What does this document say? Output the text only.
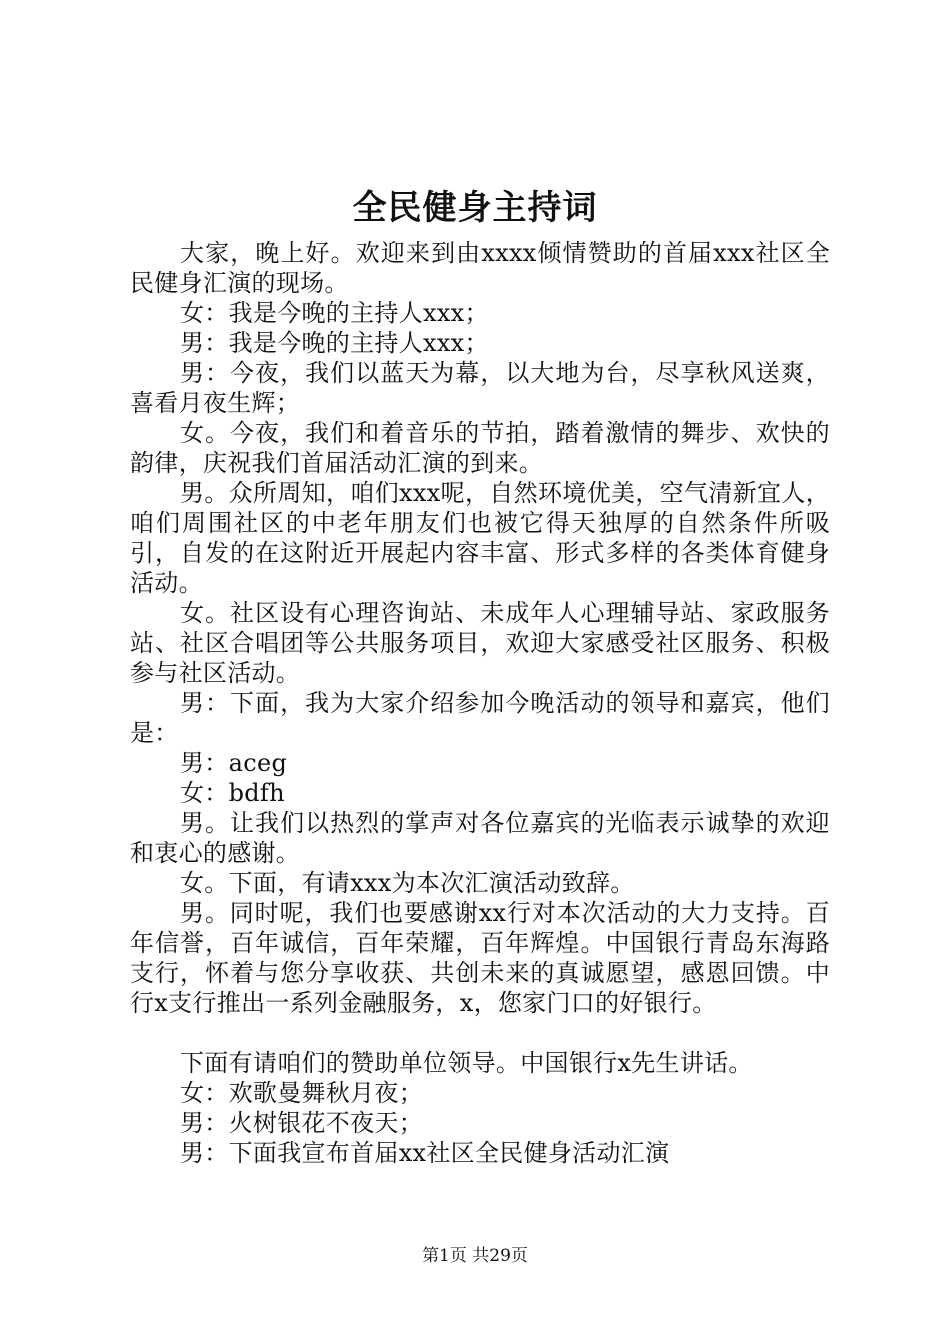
全民健身主持词

大家，晚上好。欢迎来到由xxxx倾情赞助的首届xxx社区全民健身汇演的现场。

女：我是今晚的主持人xxx；

男：我是今晚的主持人xxx；

男：今夜，我们以蓝天为幕，以大地为台，尽享秋风送爽，喜看月夜生辉；

女。今夜，我们和着音乐的节拍，踏着激情的舞步、欢快的韵律，庆祝我们首届活动汇演的到来。

男。众所周知，咱们xxx呢，自然环境优美，空气清新宜人，咱们周围社区的中老年朋友们也被它得天独厚的自然条件所吸引，自发的在这附近开展起内容丰富、形式多样的各类体育健身活动。

女。社区设有心理咨询站、未成年人心理辅导站、家政服务站、社区合唱团等公共服务项目，欢迎大家感受社区服务、积极参与社区活动。

男：下面，我为大家介绍参加今晚活动的领导和嘉宾，他们是：

男：aceg

女：bdfh

男。让我们以热烈的掌声对各位嘉宾的光临表示诚挚的欢迎和衷心的感谢。

女。下面，有请xxx为本次汇演活动致辞。

男。同时呢，我们也要感谢xx行对本次活动的大力支持。百年信誉，百年诚信，百年荣耀，百年辉煌。中国银行青岛东海路支行，怀着与您分享收获、共创未来的真诚愿望，感恩回馈。中行x支行推出一系列金融服务，x，您家门口的好银行。

下面有请咱们的赞助单位领导。中国银行x先生讲话。

女：欢歌曼舞秋月夜；

男：火树银花不夜天；

男：下面我宣布首届xx社区全民健身活动汇演

第1页 共29页
